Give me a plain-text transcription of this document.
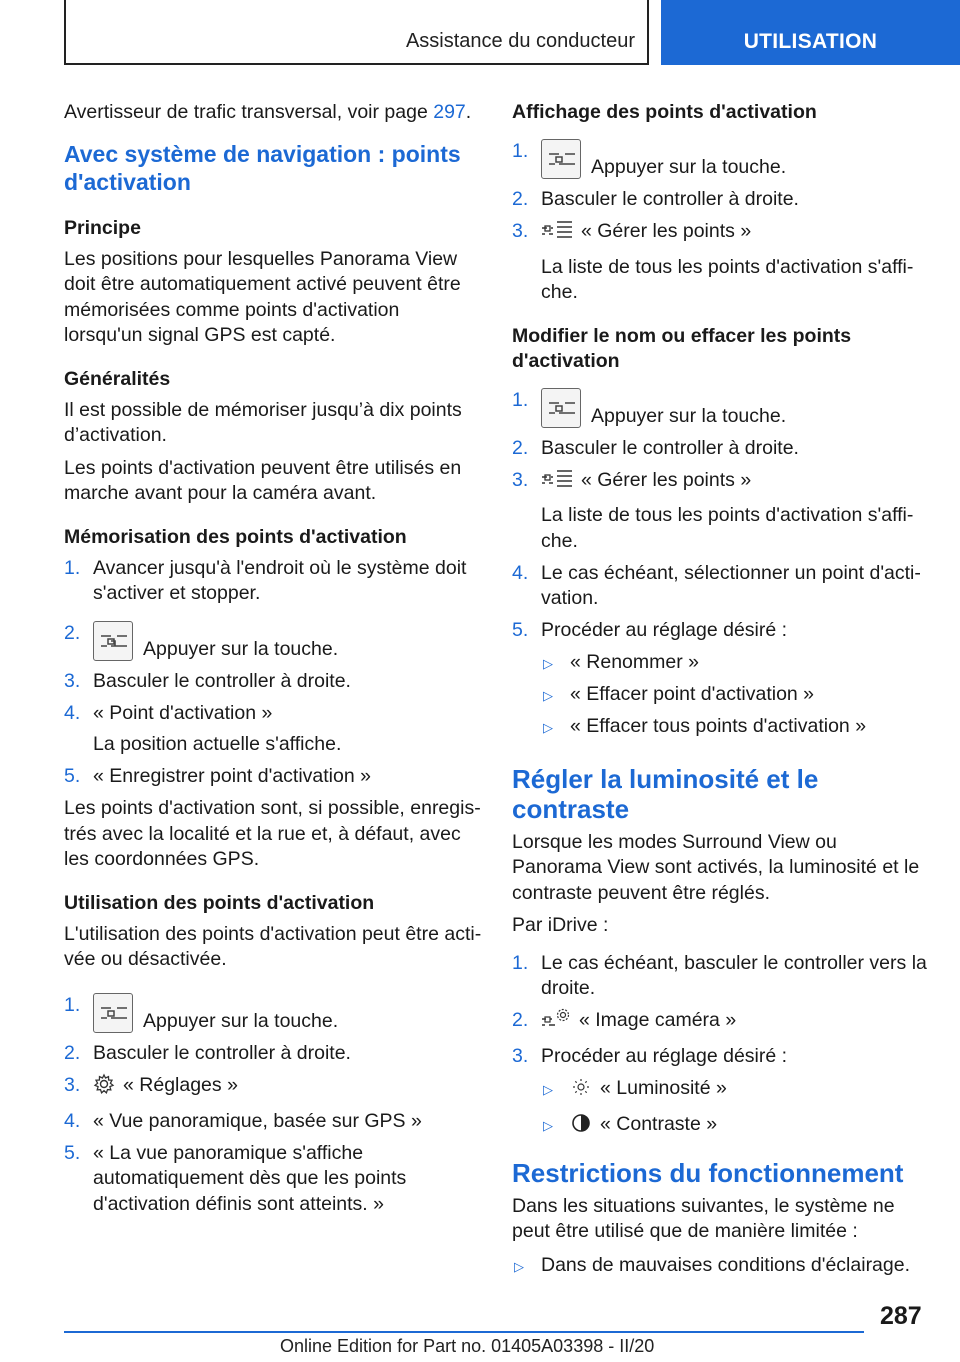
Assistance du conducteur	UTILISATION

Avertisseur de trafic transversal, voir page 297.

Avec système de navigation : points d'activation
Principe

Les positions pour lesquelles Panorama View doit être automatiquement activé peuvent être mémorisées comme points d'activation lorsqu'un signal GPS est capté.

Généralités

Il est possible de mémoriser jusqu’à dix points d’activation.

Les points d'activation peuvent être utilisés en marche avant pour la caméra avant.

Mémorisation des points d'activation
1. Avancer jusqu'à l'endroit où le système doit s'activer et stopper.
2.
Appuyer sur la touche.
3. Basculer le controller à droite.
4. « Point d'activation »
La position actuelle s'affiche.
5. « Enregistrer point d'activation »

Les points d'activation sont, si possible, enregistrés avec la localité et la rue et, à défaut, avec les coordonnées GPS.

Utilisation des points d'activation

L'utilisation des points d'activation peut être activée ou désactivée.

1.
Appuyer sur la touche.
2. Basculer le controller à droite.
3. « Réglages »
4. « Vue panoramique, basée sur GPS »
5. « La vue panoramique s'affiche automatiquement dès que les points d'activation définis sont atteints. »
Affichage des points d'activation
1.
Appuyer sur la touche.
2. Basculer le controller à droite.
3.	« Gérer les points »
La liste de tous les points d'activation s'affiche.
Modifier le nom ou effacer les points d'activation
1.
Appuyer sur la touche.
2. Basculer le controller à droite.
3.	« Gérer les points »
La liste de tous les points d'activation s'affiche.
4. Le cas échéant, sélectionner un point d'activation.
5. Procéder au réglage désiré :
▷ « Renommer »
▷ « Effacer point d'activation »
▷ « Effacer tous points d'activation »
Régler la luminosité et le contraste

Lorsque les modes Surround View ou Panorama View sont activés, la luminosité et le contraste peuvent être réglés.

Par iDrive :

1. Le cas échéant, basculer le controller vers la droite.
2.	« Image caméra »
3. Procéder au réglage désiré :
▷ « Luminosité »
▷ « Contraste »
Restrictions du fonctionnement

Dans les situations suivantes, le système ne peut être utilisé que de manière limitée :

▷ Dans de mauvaises conditions d'éclairage.
287
Online Edition for Part no. 01405A03398 - II/20
